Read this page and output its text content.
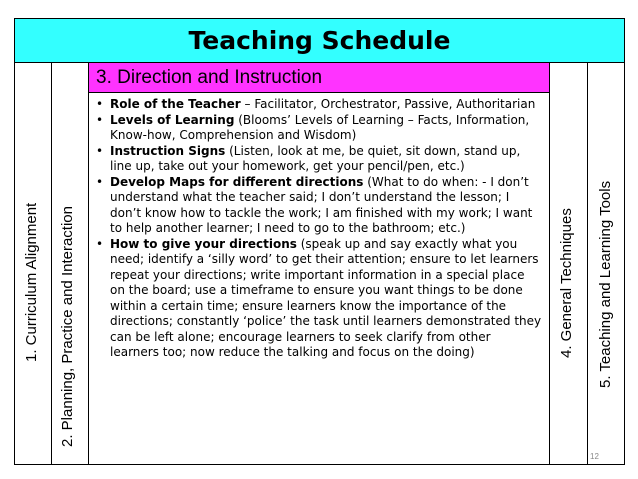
Teaching Schedule
1. Curriculum Alignment 2. Planning, Practice and Interaction	4. General Techniques 5. Teaching and Learning Tools
3. Direction and Instruction
• Role of the Teacher – Facilitator, Orchestrator, Passive, Authoritarian
• Levels of Learning (Blooms’ Levels of Learning – Facts, Information, Know-how, Comprehension and Wisdom)
• Instruction Signs (Listen, look at me, be quiet, sit down, stand up, line up, take out your homework, get your pencil/pen, etc.)
• Develop Maps for different directions (What to do when: - I don’t understand what the teacher said; I don’t understand the lesson; I don’t know how to tackle the work; I am finished with my work; I want to help another learner; I need to go to the bathroom; etc.)
• How to give your directions (speak up and say exactly what you need; identify a ‘silly word’ to get their attention; ensure to let learners repeat your directions; write important information in a special place on the board; use a timeframe to ensure you want things to be done within a certain time; ensure learners know the importance of the directions; constantly ‘police’ the task until learners demonstrated they can be left alone; encourage learners to seek clarify from other learners too; now reduce the talking and focus on the doing)
12
